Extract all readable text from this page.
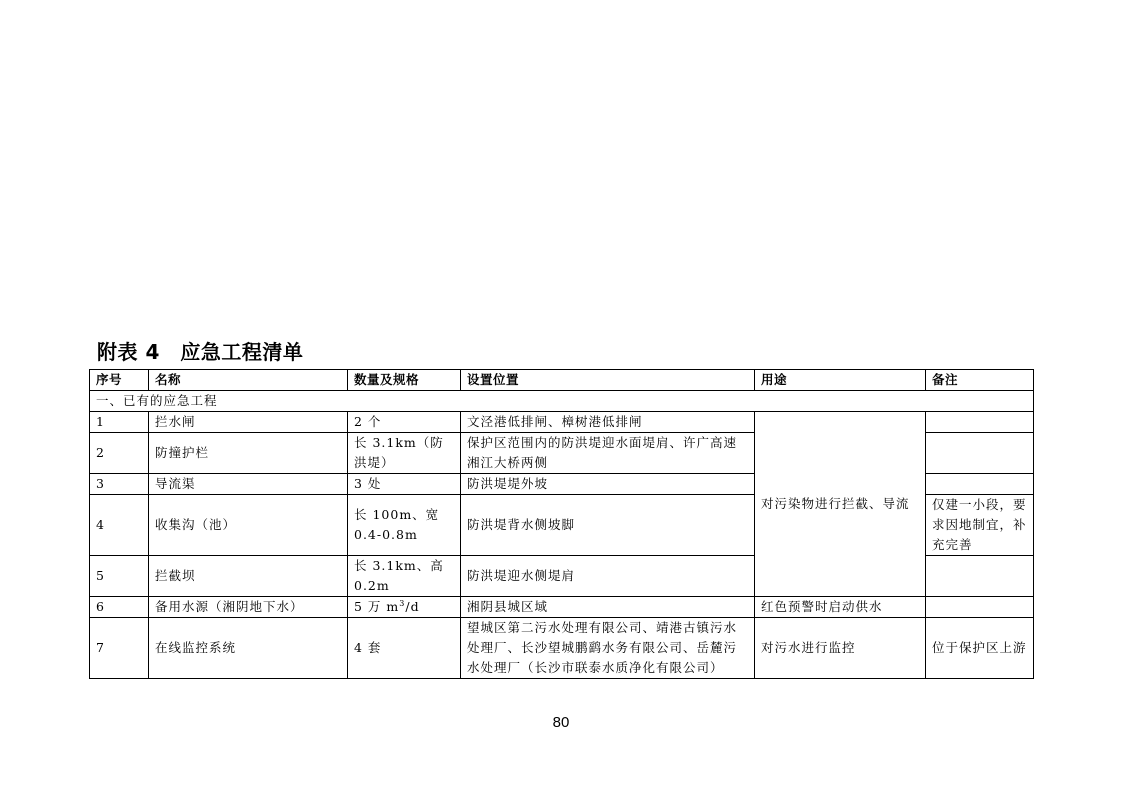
附表 4　应急工程清单
序号	名称	数量及规格	设置位置	用途	备注
一、已有的应急工程					
1	拦水闸	2 个	文泾港低排闸、樟树港低排闸	对污染物进行拦截、导流	
2	防撞护栏	长 3.1km（防洪堤）	保护区范围内的防洪堤迎水面堤肩、许广高速湘江大桥两侧		
3	导流渠	3 处	防洪堤堤外坡		
4	收集沟（池）	长 100m、宽 0.4-0.8m	防洪堤背水侧坡脚		仅建一小段，要求因地制宜，补充完善
5	拦截坝	长 3.1km、高 0.2m	防洪堤迎水侧堤肩		
6	备用水源（湘阴地下水）	5 万 $m^3/d$	湘阴县城区域	红色预警时启动供水	
7	在线监控系统	4 套	望城区第二污水处理有限公司、靖港古镇污水处理厂、长沙望城鹏鹞水务有限公司、岳麓污水处理厂（长沙市联泰水质净化有限公司）	对污水进行监控	位于保护区上游
80
